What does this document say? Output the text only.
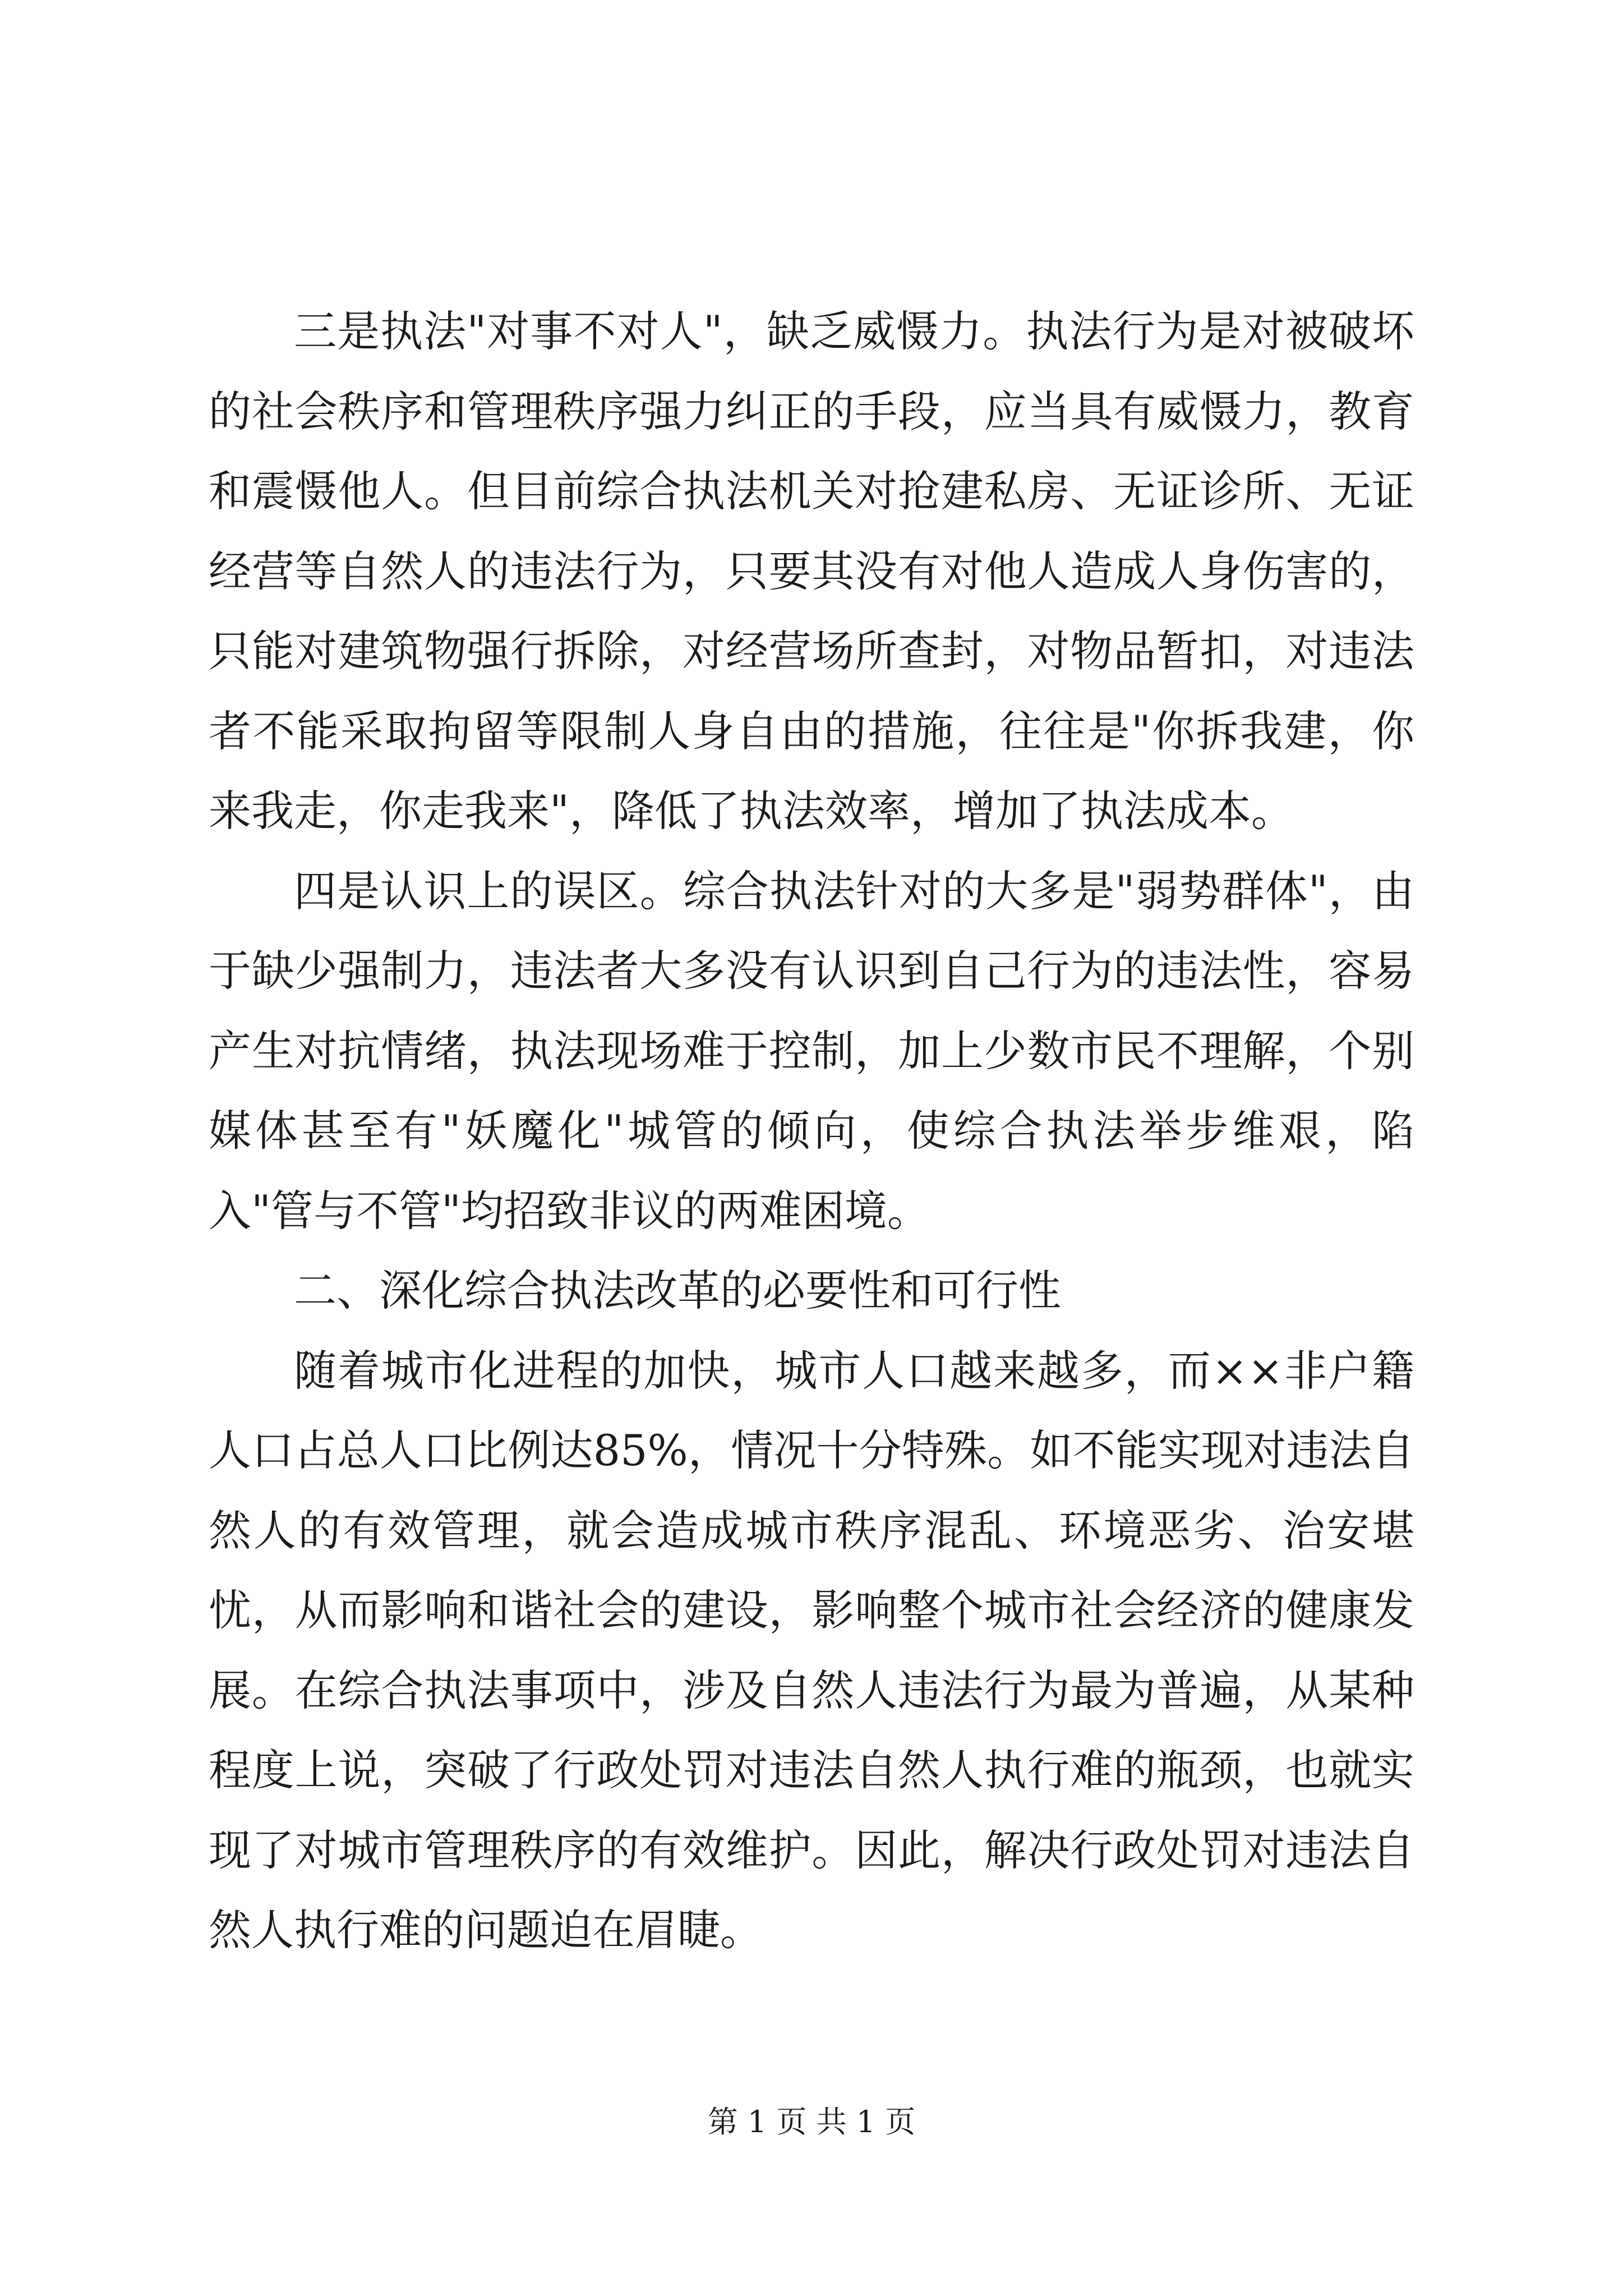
三是执法"对事不对人"，缺乏威慑力。执法行为是对被破坏的社会秩序和管理秩序强力纠正的手段，应当具有威慑力，教育和震慑他人。但目前综合执法机关对抢建私房、无证诊所、无证经营等自然人的违法行为，只要其没有对他人造成人身伤害的，只能对建筑物强行拆除，对经营场所查封，对物品暂扣，对违法者不能采取拘留等限制人身自由的措施，往往是"你拆我建，你来我走，你走我来"，降低了执法效率，增加了执法成本。

四是认识上的误区。综合执法针对的大多是"弱势群体"，由于缺少强制力，违法者大多没有认识到自己行为的违法性，容易产生对抗情绪，执法现场难于控制，加上少数市民不理解，个别媒体甚至有"妖魔化"城管的倾向，使综合执法举步维艰，陷入"管与不管"均招致非议的两难困境。

二、深化综合执法改革的必要性和可行性

随着城市化进程的加快，城市人口越来越多，而××非户籍人口占总人口比例达85%，情况十分特殊。如不能实现对违法自然人的有效管理，就会造成城市秩序混乱、环境恶劣、治安堪忧，从而影响和谐社会的建设，影响整个城市社会经济的健康发展。在综合执法事项中，涉及自然人违法行为最为普遍，从某种程度上说，突破了行政处罚对违法自然人执行难的瓶颈，也就实现了对城市管理秩序的有效维护。因此，解决行政处罚对违法自然人执行难的问题迫在眉睫。

第 1 页 共 1 页
